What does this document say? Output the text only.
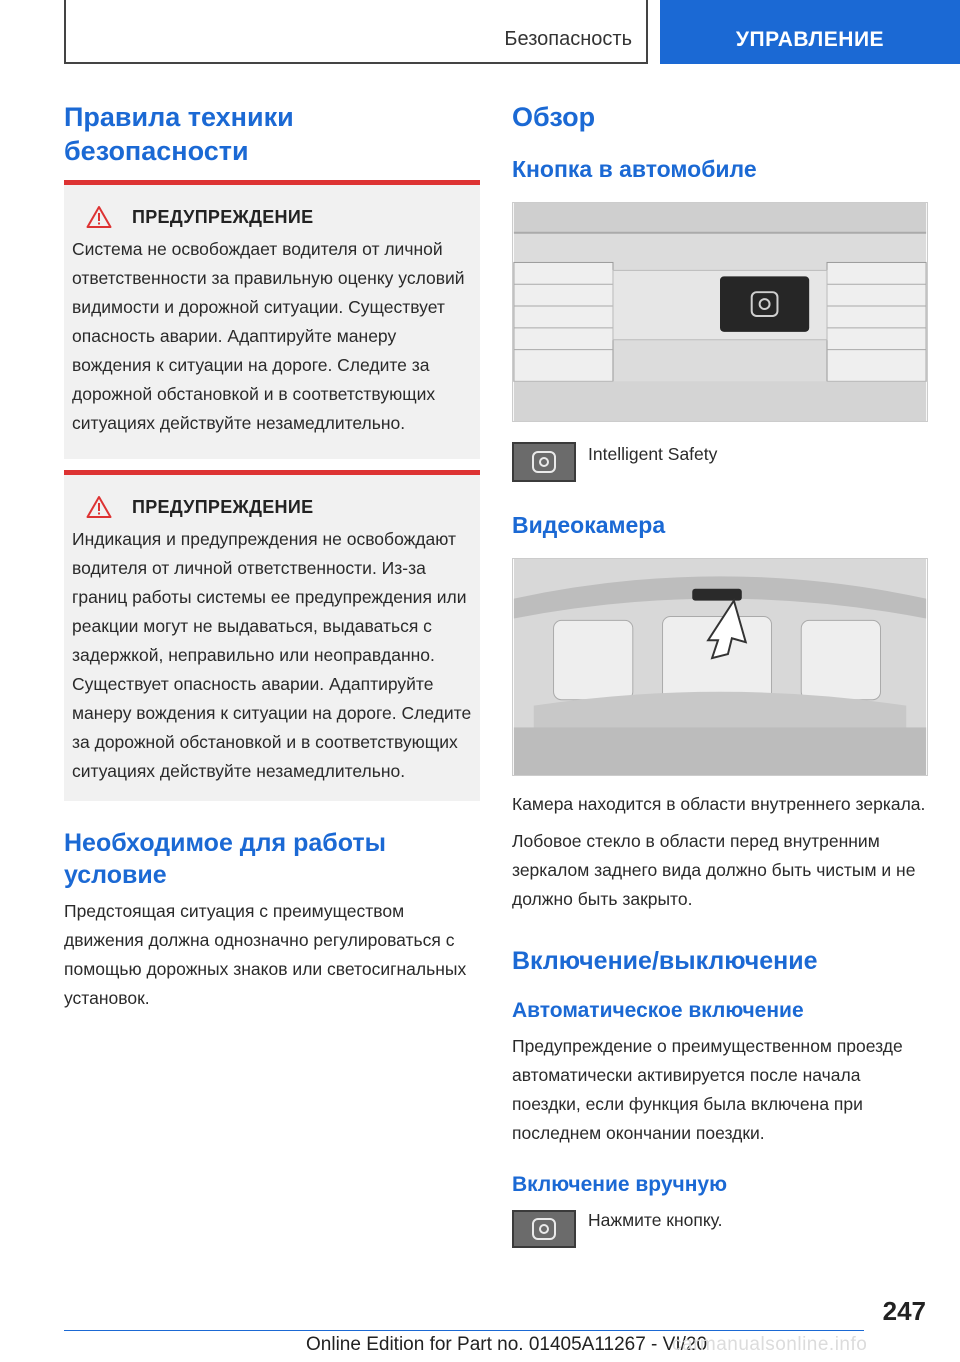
Безопасность	УПРАВЛЕНИЕ
Правила техники безопасности
ПРЕДУПРЕЖДЕНИЕ

Система не освобождает водителя от личной ответственности за правильную оценку условий видимости и дорожной ситуации. Существует опасность аварии. Адаптируйте манеру вождения к ситуации на дороге. Следите за дорожной обстановкой и в соответствующих ситуациях действуйте незамедлительно.

ПРЕДУПРЕЖДЕНИЕ

Индикация и предупреждения не освобождают водителя от личной ответственности. Из-за границ работы системы ее предупреждения или реакции могут не выдаваться, выдаваться с задержкой, неправильно или неоправданно. Существует опасность аварии. Адаптируйте манеру вождения к ситуации на дороге. Следите за дорожной обстановкой и в соответствующих ситуациях действуйте незамедлительно.

Необходимое для работы условие

Предстоящая ситуация с преимуществом движения должна однозначно регулироваться с помощью дорожных знаков или светосигнальных установок.

Обзор
Кнопка в автомобиле
Intelligent Safety
Видеокамера

Камера находится в области внутреннего зеркала.

Лобовое стекло в области перед внутренним зеркалом заднего вида должно быть чистым и не должно быть закрыто.

Включение/выключение
Автоматическое включение

Предупреждение о преимущественном проезде автоматически активируется после начала поездки, если функция была включена при последнем окончании поездки.

Включение вручную
Нажмите кнопку.
247
Online Edition for Part no. 01405A11267 - VI/20
carmanualsonline.info
